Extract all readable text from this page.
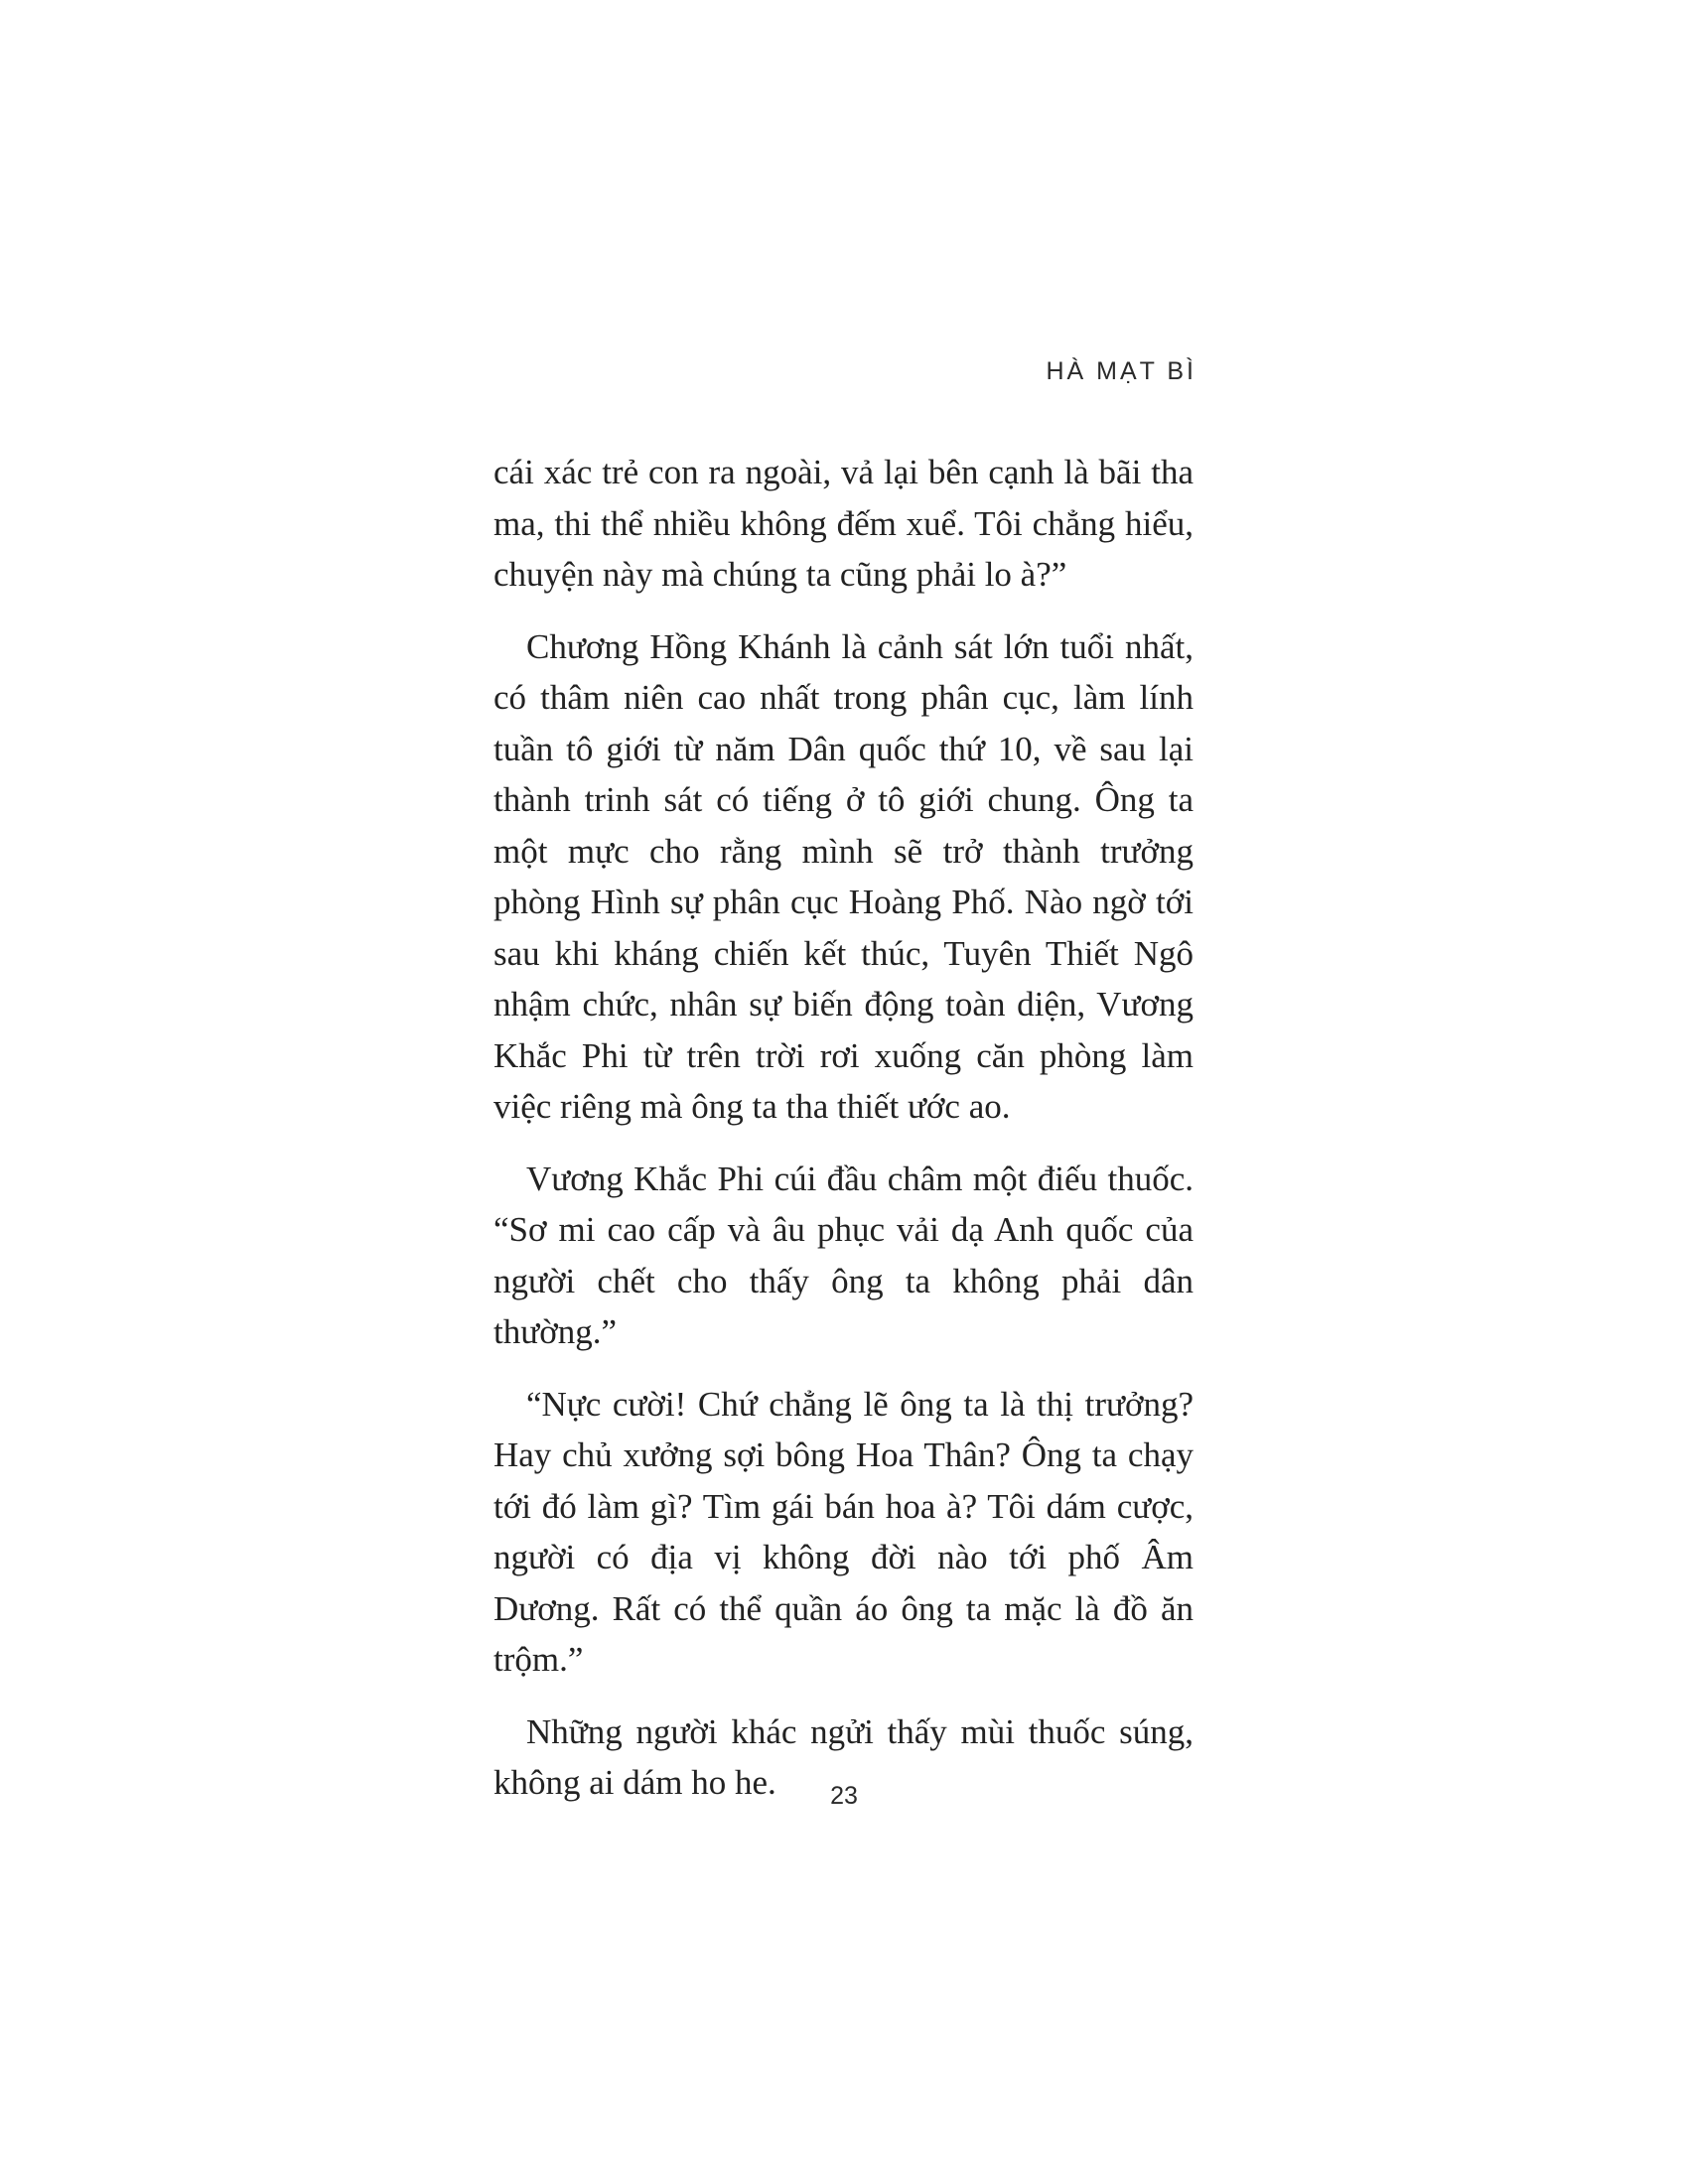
HÀ MẠT BÌ

cái xác trẻ con ra ngoài, vả lại bên cạnh là bãi tha ma, thi thể nhiều không đếm xuể. Tôi chẳng hiểu, chuyện này mà chúng ta cũng phải lo à?”

Chương Hồng Khánh là cảnh sát lớn tuổi nhất, có thâm niên cao nhất trong phân cục, làm lính tuần tô giới từ năm Dân quốc thứ 10, về sau lại thành trinh sát có tiếng ở tô giới chung. Ông ta một mực cho rằng mình sẽ trở thành trưởng phòng Hình sự phân cục Hoàng Phố. Nào ngờ tới sau khi kháng chiến kết thúc, Tuyên Thiết Ngô nhậm chức, nhân sự biến động toàn diện, Vương Khắc Phi từ trên trời rơi xuống căn phòng làm việc riêng mà ông ta tha thiết ước ao.

Vương Khắc Phi cúi đầu châm một điếu thuốc. “Sơ mi cao cấp và âu phục vải dạ Anh quốc của người chết cho thấy ông ta không phải dân thường.”

“Nực cười! Chứ chẳng lẽ ông ta là thị trưởng? Hay chủ xưởng sợi bông Hoa Thân? Ông ta chạy tới đó làm gì? Tìm gái bán hoa à? Tôi dám cược, người có địa vị không đời nào tới phố Âm Dương. Rất có thể quần áo ông ta mặc là đồ ăn trộm.”

Những người khác ngửi thấy mùi thuốc súng, không ai dám ho he.	23
